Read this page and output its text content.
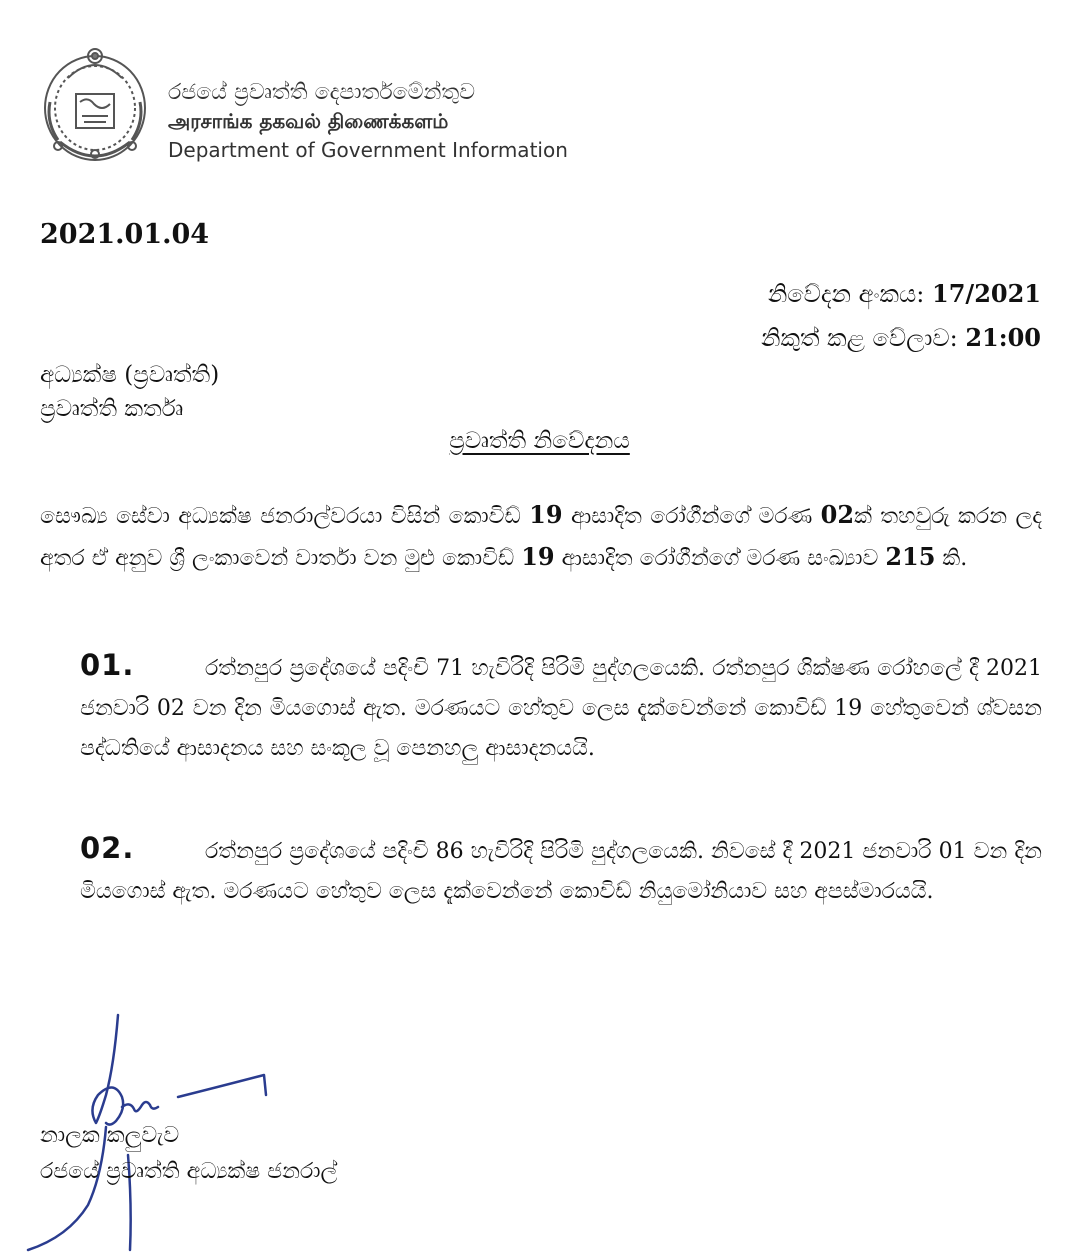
රජයේ ප්‍රවෘත්ති දෙපාර්තමේන්තුව
அரசாங்க தகவல் திணைக்களம்
Department of Government Information
2021.01.04
නිවේදන අංකය: 17/2021
නිකුත් කළ වේලාව: 21:00
අධ්‍යක්ෂ (ප්‍රවෘත්ති)
ප්‍රවෘත්ති කර්තෘ
ප්‍රවෘත්ති නිවේදනය
සෞඛ්‍ය සේවා අධ්‍යක්ෂ ජනරාල්වරයා විසින් කොවිඩ් 19 ආසාදිත රෝගීන්ගේ මරණ 02ක් තහවුරු කරන ලද අතර ඒ අනුව ශ්‍රී ලංකාවෙන් වාර්තා වන මුළු කොවිඩ් 19 ආසාදිත රෝගීන්ගේ මරණ සංඛ්‍යාව 215 කි.
01.	රත්නපුර ප්‍රදේශයේ පදිංචි 71 හැවිරිදි පිරිමි පුද්ගලයෙකි. රත්නපුර ශික්ෂණ රෝහලේ දී 2021 ජනවාරි 02 වන දින මියගොස් ඇත. මරණයට හේතුව ලෙස දැක්වෙන්නේ කොවිඩ් 19 හේතුවෙන් ශ්වසන පද්ධතියේ ආසාදනය සහ සංකූල වූ පෙනහලු ආසාදනයයි.
02.	රත්නපුර ප්‍රදේශයේ පදිංචි 86 හැවිරිදි පිරිමි පුද්ගලයෙකි. නිවසේ දී 2021 ජනවාරි 01 වන දින මියගොස් ඇත. මරණයට හේතුව ලෙස දැක්වෙන්නේ කොවිඩ් නියුමෝනියාව සහ අපස්මාරයයි.
නාලක කලුවැව
රජයේ ප්‍රවෘත්ති අධ්‍යක්ෂ ජනරාල්
